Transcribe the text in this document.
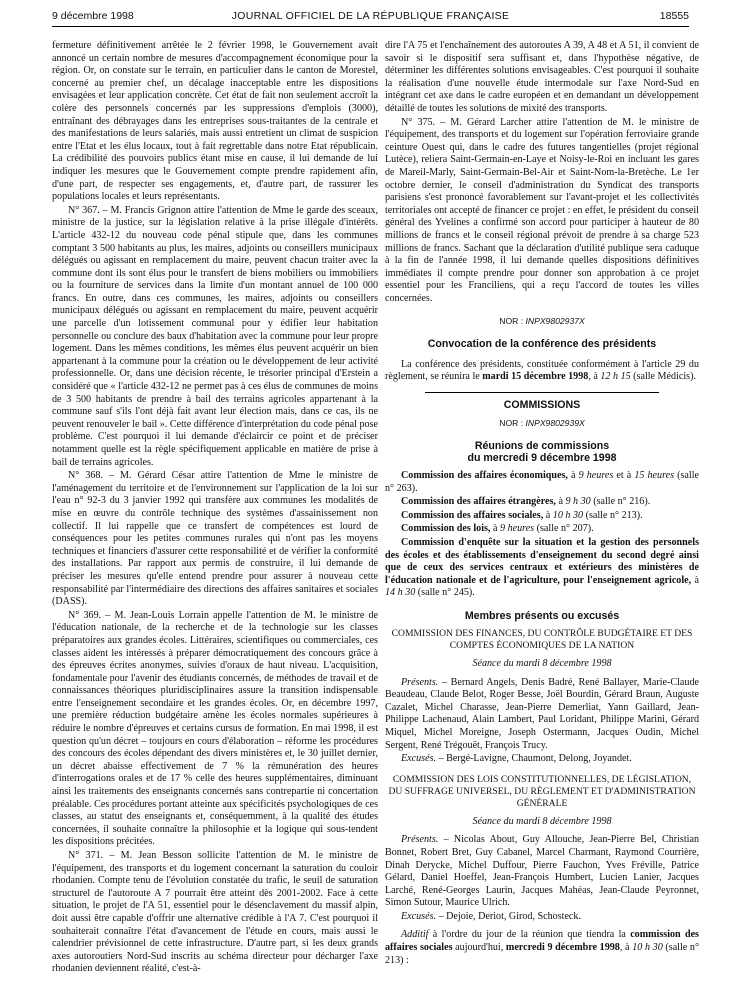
9 décembre 1998	JOURNAL OFFICIEL DE LA RÉPUBLIQUE FRANÇAISE	18555

fermeture définitivement arrêtée le 2 février 1998, le Gouvernement avait annoncé un certain nombre de mesures d'accompagnement économique pour la région. Or, on constate sur le terrain, en particulier dans le canton de Morestel, concerné au premier chef, un décalage inacceptable entre les dispositions envisagées et leur application concrète. Cet état de fait non seulement accroît la colère des personnels concernés par les suppressions d'emplois (3000), entraînant des débrayages dans les entreprises sous-traitantes de la centrale et des manifestations de leurs salariés, mais aussi entretient un climat de suspicion entre l'Etat et les élus locaux, tout à fait regrettable dans notre Etat républicain. La crédibilité des pouvoirs publics étant mise en cause, il lui demande de lui indiquer les mesures que le Gouvernement compte prendre rapidement afin, d'une part, de respecter ses engagements, et, d'autre part, de rassurer les populations locales et leurs représentants.

N° 367. – M. Francis Grignon attire l'attention de Mme le garde des sceaux, ministre de la justice, sur la législation relative à la prise illégale d'intérêts. L'article 432-12 du nouveau code pénal stipule que, dans les communes comptant 3 500 habitants au plus, les maires, adjoints ou conseillers municipaux délégués ou agissant en remplacement du maire, peuvent chacun traiter avec la commune dont ils sont élus pour le transfert de biens mobiliers ou immobiliers ou la fourniture de services dans la limite d'un montant annuel de 100 000 francs. En outre, dans ces communes, les maires, adjoints ou conseillers municipaux délégués ou agissant en remplacement du maire, peuvent acquérir une parcelle d'un lotissement communal pour y édifier leur habitation personnelle ou conclure des baux d'habitation avec la commune pour leur propre logement. Dans les mêmes conditions, les mêmes élus peuvent acquérir un bien appartenant à la commune pour la création ou le développement de leur activité professionnelle. Or, dans une décision récente, le trésorier principal d'Erstein a considéré que « l'article 432-12 ne permet pas à ces élus de communes de moins de 3 500 habitants de prendre à bail des terrains agricoles appartenant à la commune sauf s'ils l'ont déjà fait avant leur élection mais, dans ce cas, ils ne peuvent renouveler le bail ». Cette différence d'interprétation du code pénal pose problème. C'est pourquoi il lui demande d'éclaircir ce point et de préciser notamment quelle est la règle spécifiquement applicable en matière de prise à bail de terrains agricoles.

N° 368. – M. Gérard César attire l'attention de Mme le ministre de l'aménagement du territoire et de l'environnement sur l'application de la loi sur l'eau n° 92-3 du 3 janvier 1992 qui transfère aux communes les modalités de mise en œuvre du contrôle technique des systèmes d'assainissement non collectif. Il lui rappelle que ce transfert de compétences est lourd de conséquences pour les petites communes rurales qui n'ont pas les moyens techniques et financiers d'assurer cette responsabilité et de vérifier la conformité des installations. Par rapport aux permis de construire, il lui demande de préciser les mesures qu'elle entend prendre pour assurer à nouveau cette responsabilité par l'intermédiaire des directions des affaires sanitaires et sociales (DASS).

N° 369. – M. Jean-Louis Lorrain appelle l'attention de M. le ministre de l'éducation nationale, de la recherche et de la technologie sur les classes préparatoires aux grandes écoles. Littéraires, scientifiques ou commerciales, ces classes aident les intéressés à préparer démocratiquement des concours grâce à des épreuves écrites anonymes, suivies d'oraux de haut niveau. L'acquisition, fondamentale pour l'avenir des étudiants concernés, de méthodes de travail et de connaissances théoriques pluridisciplinaires assure la transition indispensable entre l'enseignement secondaire et les grandes écoles. Or, en décembre 1997, une première réduction budgétaire amène les écoles normales supérieures à réduire le nombre d'épreuves et certains cursus de formation. En mai 1998, il est question qu'un décret – toujours en cours d'élaboration – réforme les procédures des concours des écoles dépendant des divers ministères et, le 30 juillet dernier, un décret abaisse effectivement de 7 % la rémunération des heures d'interrogations orales et de 17 % celle des heures supplémentaires, diminuant ainsi les traitements des enseignants concernés sans contrepartie ni concertation préalable. Ces procédures portant atteinte aux spécificités psychologiques de ces classes, au statut des enseignants et, conséquemment, à la qualité des études concernées, il souhaite connaître la philosophie et la logique qui sous-tendent les dispositions précitées.

N° 371. – M. Jean Besson sollicite l'attention de M. le ministre de l'équipement, des transports et du logement concernant la saturation du couloir rhodanien. Compte tenu de l'évolution constatée du trafic, le seuil de saturation structurel de l'autoroute A 7 pourrait être atteint dès 2001-2002. Face à cette situation, le projet de l'A 51, essentiel pour le désenclavement du massif alpin, doit aussi être capable d'offrir une alternative crédible à l'A 7. C'est pourquoi il souhaiterait connaître l'état d'avancement de l'étude en cours, mais aussi le calendrier prévisionnel de cette infrastructure. D'autre part, si les deux grands axes autoroutiers Nord-Sud inscrits au schéma directeur pour décharger l'axe rhodanien deviennent réalité, c'est-à-

dire l'A 75 et l'enchaînement des autoroutes A 39, A 48 et A 51, il convient de savoir si le dispositif sera suffisant et, dans l'hypothèse négative, de déterminer les différentes solutions envisageables. C'est pourquoi il souhaite la réalisation d'une nouvelle étude intermodale sur l'axe Nord-Sud en intégrant cet axe dans le cadre européen et en demandant un développement détaillé de toutes les solutions de mixité des transports.

N° 375. – M. Gérard Larcher attire l'attention de M. le ministre de l'équipement, des transports et du logement sur l'opération ferroviaire grande ceinture Ouest qui, dans le cadre des futures tangentielles (projet régional Lutèce), reliera Saint-Germain-en-Laye et Noisy-le-Roi en incluant les gares de Mareil-Marly, Saint-Germain-Bel-Air et Saint-Nom-la-Bretèche. Le 1er octobre dernier, le conseil d'administration du Syndicat des transports parisiens s'est prononcé favorablement sur l'avant-projet et les collectivités territoriales ont accepté de financer ce projet : en effet, le président du conseil général des Yvelines a confirmé son accord pour participer à hauteur de 80 millions de francs et le conseil régional prévoit de prendre à sa charge 523 millions de francs. Sachant que la déclaration d'utilité publique sera caduque à la fin de l'année 1998, il lui demande quelles dispositions définitives immédiates il compte prendre pour donner son approbation à ce projet essentiel pour les Franciliens, qui a reçu l'accord de toutes les villes concernées.

NOR : INPX9802937X
Convocation de la conférence des présidents

La conférence des présidents, constituée conformément à l'article 29 du règlement, se réunira le mardi 15 décembre 1998, à 12 h 15 (salle Médicis).

COMMISSIONS
NOR : INPX9802939X
Réunions de commissions
du mercredi 9 décembre 1998

Commission des affaires économiques, à 9 heures et à 15 heures (salle n° 263).

Commission des affaires étrangères, à 9 h 30 (salle n° 216).

Commission des affaires sociales, à 10 h 30 (salle n° 213).

Commission des lois, à 9 heures (salle n° 207).

Commission d'enquête sur la situation et la gestion des personnels des écoles et des établissements d'enseignement du second degré ainsi que de ceux des services centraux et extérieurs des ministères de l'éducation nationale et de l'agriculture, pour l'enseignement agricole, à 14 h 30 (salle n° 245).

Membres présents ou excusés

COMMISSION DES FINANCES, DU CONTRÔLE BUDGÉTAIRE ET DES COMPTES ÉCONOMIQUES DE LA NATION

Séance du mardi 8 décembre 1998

Présents. – Bernard Angels, Denis Badré, René Ballayer, Marie-Claude Beaudeau, Claude Belot, Roger Besse, Joël Bourdin, Gérard Braun, Auguste Cazalet, Michel Charasse, Jean-Pierre Demerliat, Yann Gaillard, Jean-Philippe Lachenaud, Alain Lambert, Paul Loridant, Philippe Marini, Gérard Miquel, Michel Moreigne, Joseph Ostermann, Jacques Oudin, Michel Sergent, René Trégouët, François Trucy.

Excusés. – Bergé-Lavigne, Chaumont, Delong, Joyandet.

COMMISSION DES LOIS CONSTITUTIONNELLES, DE LÉGISLATION, DU SUFFRAGE UNIVERSEL, DU RÈGLEMENT ET D'ADMINISTRATION GÉNÉRALE

Séance du mardi 8 décembre 1998

Présents. – Nicolas About, Guy Allouche, Jean-Pierre Bel, Christian Bonnet, Robert Bret, Guy Cabanel, Marcel Charmant, Raymond Courrière, Dinah Derycke, Michel Duffour, Pierre Fauchon, Yves Fréville, Patrice Gélard, Daniel Hoeffel, Jean-François Humbert, Lucien Lanier, Jacques Larché, René-Georges Laurin, Jacques Mahéas, Jean-Claude Peyronnet, Simon Sutour, Maurice Ulrich.

Excusés. – Dejoie, Deriot, Girod, Schosteck.

Additif à l'ordre du jour de la réunion que tiendra la commission des affaires sociales aujourd'hui, mercredi 9 décembre 1998, à 10 h 30 (salle n° 213) :
